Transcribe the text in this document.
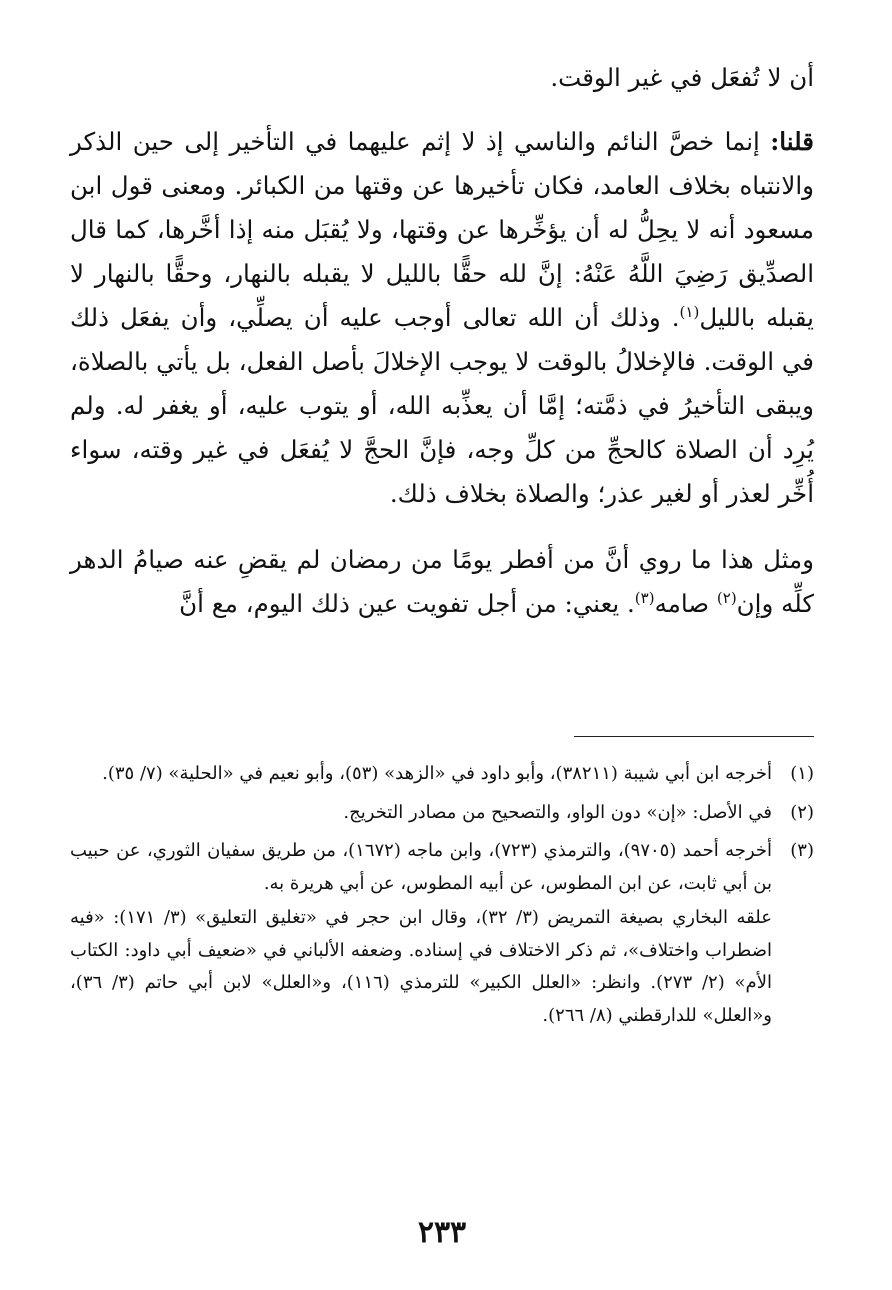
أن لا تُفعَل في غير الوقت.

قلنا: إنما خصَّ النائم والناسي إذ لا إثم عليهما في التأخير إلى حين الذكر والانتباه بخلاف العامد، فكان تأخيرها عن وقتها من الكبائر. ومعنى قول ابن مسعود أنه لا يحِلُّ له أن يؤخِّرها عن وقتها، ولا يُقبَل منه إذا أخَّرها، كما قال الصدِّيق رَضِيَ اللَّهُ عَنْهُ: إنَّ لله حقًّا بالليل لا يقبله بالنهار، وحقًّا بالنهار لا يقبله بالليل$^{(١)}$. وذلك أن الله تعالى أوجب عليه أن يصلِّي، وأن يفعَل ذلك في الوقت. فالإخلالُ بالوقت لا يوجب الإخلالَ بأصل الفعل، بل يأتي بالصلاة، ويبقى التأخيرُ في ذمَّته؛ إمَّا أن يعذِّبه الله، أو يتوب عليه، أو يغفر له. ولم يُرِد أن الصلاة كالحجِّ من كلِّ وجه، فإنَّ الحجَّ لا يُفعَل في غير وقته، سواء أُخِّر لعذر أو لغير عذر؛ والصلاة بخلاف ذلك.

ومثل هذا ما روي أنَّ من أفطر يومًا من رمضان لم يقضِ عنه صيامُ الدهر كلِّه وإن$^{(٢)}$ صامه$^{(٣)}$. يعني: من أجل تفويت عين ذلك اليوم، مع أنَّ

(١)

أخرجه ابن أبي شيبة (٣٨٢١١)، وأبو داود في «الزهد» (٥٣)، وأبو نعيم في «الحلية» (٧/ ٣٥).

(٢)

في الأصل: «إن» دون الواو، والتصحيح من مصادر التخريج.

(٣)

أخرجه أحمد (٩٧٠٥)، والترمذي (٧٢٣)، وابن ماجه (١٦٧٢)، من طريق سفيان الثوري، عن حبيب بن أبي ثابت، عن ابن المطوس، عن أبيه المطوس، عن أبي هريرة به.

علقه البخاري بصيغة التمريض (٣/ ٣٢)، وقال ابن حجر في «تغليق التعليق» (٣/ ١٧١): «فيه اضطراب واختلاف»، ثم ذكر الاختلاف في إسناده. وضعفه الألباني في «ضعيف أبي داود: الكتاب الأم» (٢/ ٢٧٣). وانظر: «العلل الكبير» للترمذي (١١٦)، و«العلل» لابن أبي حاتم (٣/ ٣٦)، و«العلل» للدارقطني (٨/ ٢٦٦).

٢٣٣
